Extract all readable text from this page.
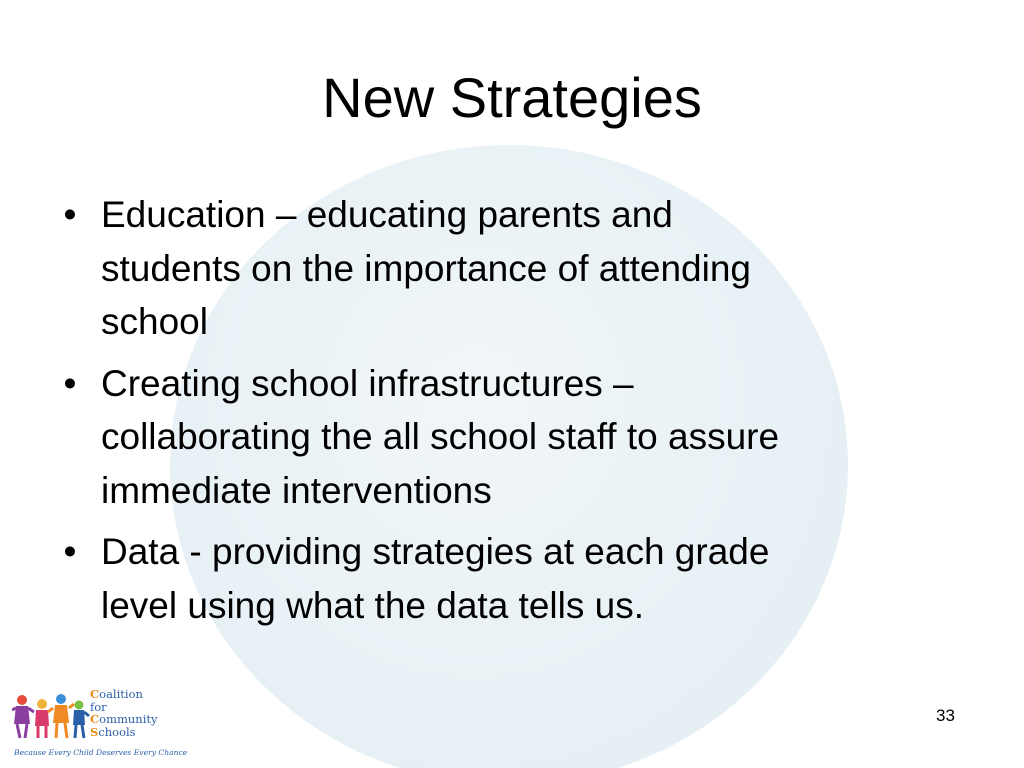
New Strategies
• Education – educating parents and
students on the importance of attending
school
• Creating school infrastructures –
collaborating the all school staff to assure
immediate interventions
• Data - providing strategies at each grade
level using what the data tells us.
Coalition
for
Community
Schools
Because Every Child Deserves Every Chance
33
